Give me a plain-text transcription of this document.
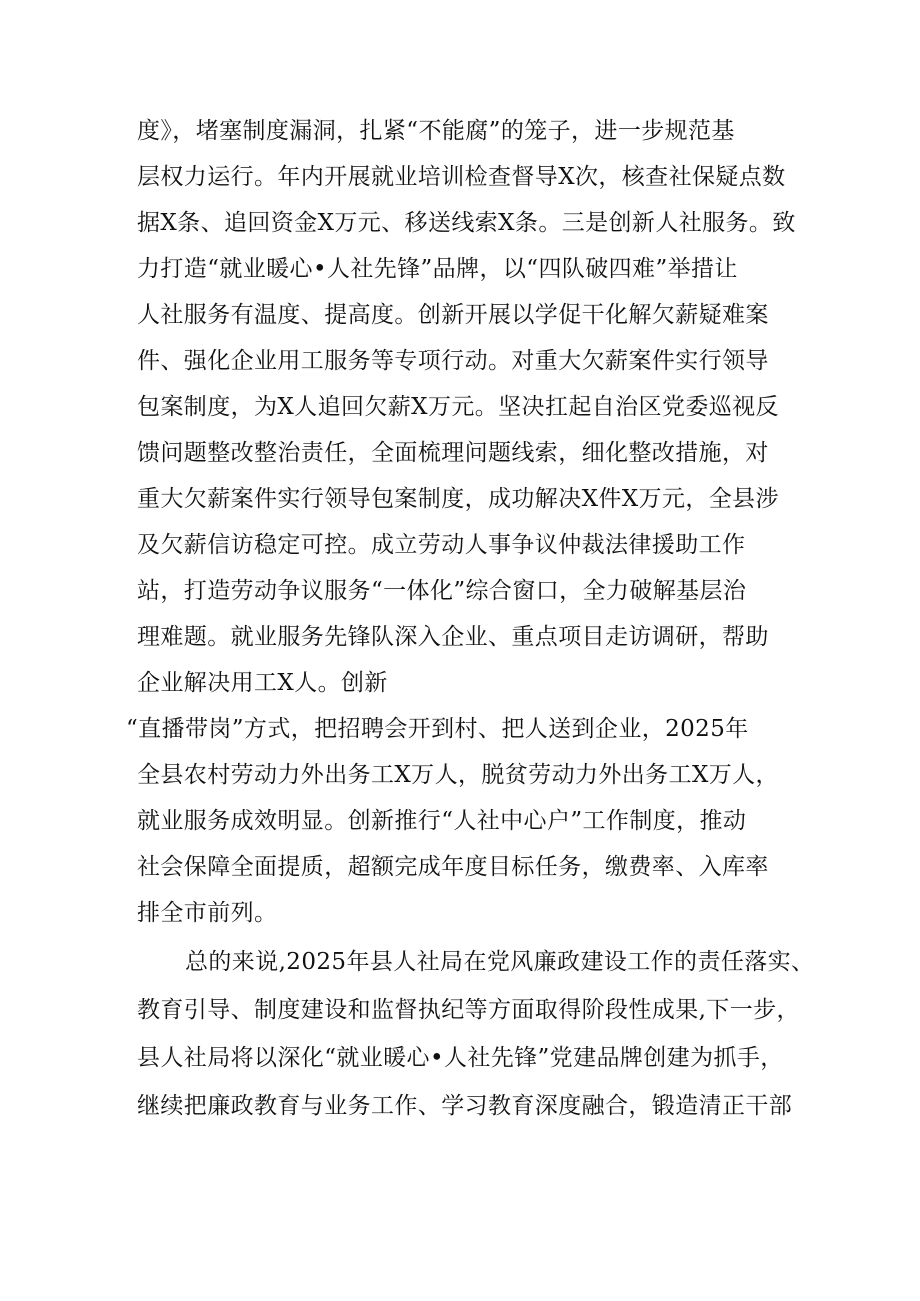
度》，堵塞制度漏洞，扎紧“不能腐”的笼子，进一步规范基
层权力运行。年内开展就业培训检查督导X次，核查社保疑点数
据X条、追回资金X万元、移送线索X条。三是创新人社服务。致
力打造“就业暖心•人社先锋”品牌，以“四队破四难”举措让
人社服务有温度、提高度。创新开展以学促干化解欠薪疑难案
件、强化企业用工服务等专项行动。对重大欠薪案件实行领导
包案制度，为X人追回欠薪X万元。坚决扛起自治区党委巡视反
馈问题整改整治责任，全面梳理问题线索，细化整改措施，对
重大欠薪案件实行领导包案制度，成功解决X件X万元，全县涉
及欠薪信访稳定可控。成立劳动人事争议仲裁法律援助工作
站，打造劳动争议服务“一体化”综合窗口，全力破解基层治
理难题。就业服务先锋队深入企业、重点项目走访调研，帮助
企业解决用工X人。创新
“直播带岗”方式，把招聘会开到村、把人送到企业，2025年
全县农村劳动力外出务工X万人，脱贫劳动力外出务工X万人，
就业服务成效明显。创新推行“人社中心户”工作制度，推动
社会保障全面提质，超额完成年度目标任务，缴费率、入库率
排全市前列。
总的来说,2025年县人社局在党风廉政建设工作的责任落实、
教育引导、制度建设和监督执纪等方面取得阶段性成果,下一步，
县人社局将以深化“就业暖心•人社先锋”党建品牌创建为抓手，
继续把廉政教育与业务工作、学习教育深度融合，锻造清正干部
